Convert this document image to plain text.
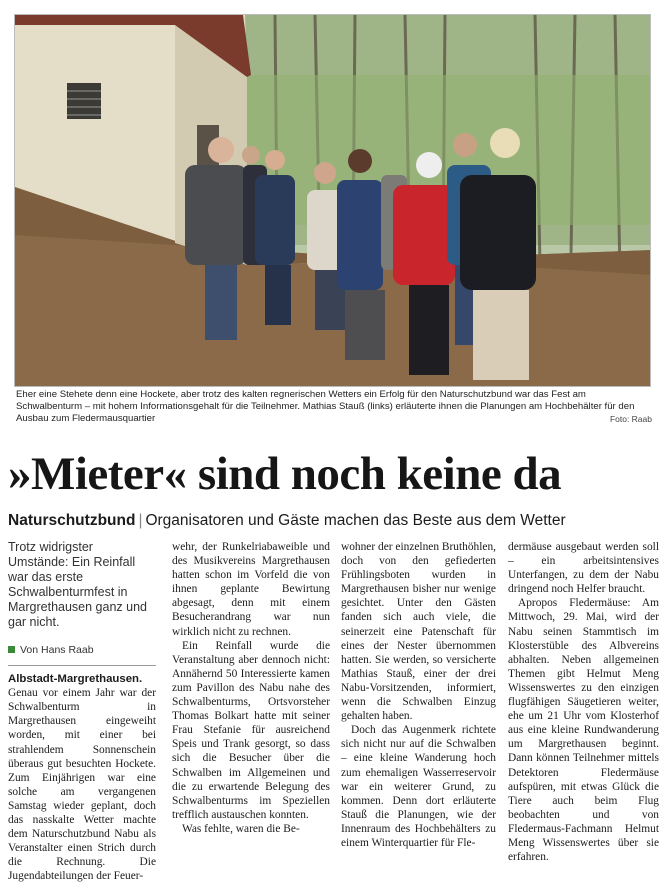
Eher eine Stehete denn eine Hockete, aber trotz des kalten regnerischen Wetters ein Erfolg für den Naturschutzbund war das Fest am Schwalbenturm – mit hohem Informationsgehalt für die Teilnehmer. Mathias Stauß (links) erläuterte ihnen die Planungen am Hochbehälter für den Ausbau zum Fledermausquartier	Foto: Raab
»Mieter« sind noch keine da
Naturschutzbund | Organisatoren und Gäste machen das Beste aus dem Wetter
Trotz widrigster Umstände: Ein Reinfall war das erste Schwalbenturmfest in Margrethausen ganz und gar nicht.
Von Hans Raab

Albstadt-Margrethausen. Genau vor einem Jahr war der Schwalbenturm in Margrethausen eingeweiht worden, mit einer bei strahlendem Sonnenschein überaus gut besuchten Hockete. Zum Einjährigen war eine solche am vergangenen Samstag wieder geplant, doch das nasskalte Wetter machte dem Naturschutzbund Nabu als Veranstalter einen Strich durch die Rechnung. Die Jugendabteilungen der Feuer-

wehr, der Runkelriabaweible und des Musikvereins Margrethausen hatten schon im Vorfeld die von ihnen geplante Bewirtung abgesagt, denn mit einem Besucherandrang war nun wirklich nicht zu rechnen.

Ein Reinfall wurde die Veranstaltung aber dennoch nicht: Annähernd 50 Interessierte kamen zum Pavillon des Nabu nahe des Schwalbenturms, Ortsvorsteher Thomas Bolkart hatte mit seiner Frau Stefanie für ausreichend Speis und Trank gesorgt, so dass sich die Besucher über die Schwalben im Allgemeinen und die zu erwartende Belegung des Schwalbenturms im Speziellen trefflich austauschen konnten.

Was fehlte, waren die Be-

wohner der einzelnen Bruthöhlen, doch von den gefiederten Frühlingsboten wurden in Margrethausen bisher nur wenige gesichtet. Unter den Gästen fanden sich auch viele, die seinerzeit eine Patenschaft für eines der Nester übernommen hatten. Sie werden, so versicherte Mathias Stauß, einer der drei Nabu-Vorsitzenden, informiert, wenn die Schwalben Einzug gehalten haben.

Doch das Augenmerk richtete sich nicht nur auf die Schwalben – eine kleine Wanderung hoch zum ehemaligen Wasserreservoir war ein weiterer Grund, zu kommen. Denn dort erläuterte Stauß die Planungen, wie der Innenraum des Hochbehälters zu einem Winterquartier für Fle-

dermäuse ausgebaut werden soll – ein arbeitsintensives Unterfangen, zu dem der Nabu dringend noch Helfer braucht.

Apropos Fledermäuse: Am Mittwoch, 29. Mai, wird der Nabu seinen Stammtisch im Klosterstüble des Albvereins abhalten. Neben allgemeinen Themen gibt Helmut Meng Wissenswertes zu den einzigen flugfähigen Säugetieren weiter, ehe um 21 Uhr vom Klosterhof aus eine kleine Rundwanderung um Margrethausen beginnt. Dann können Teilnehmer mittels Detektoren Fledermäuse aufspüren, mit etwas Glück die Tiere auch beim Flug beobachten und von Fledermaus-Fachmann Helmut Meng Wissenswertes über sie erfahren.
